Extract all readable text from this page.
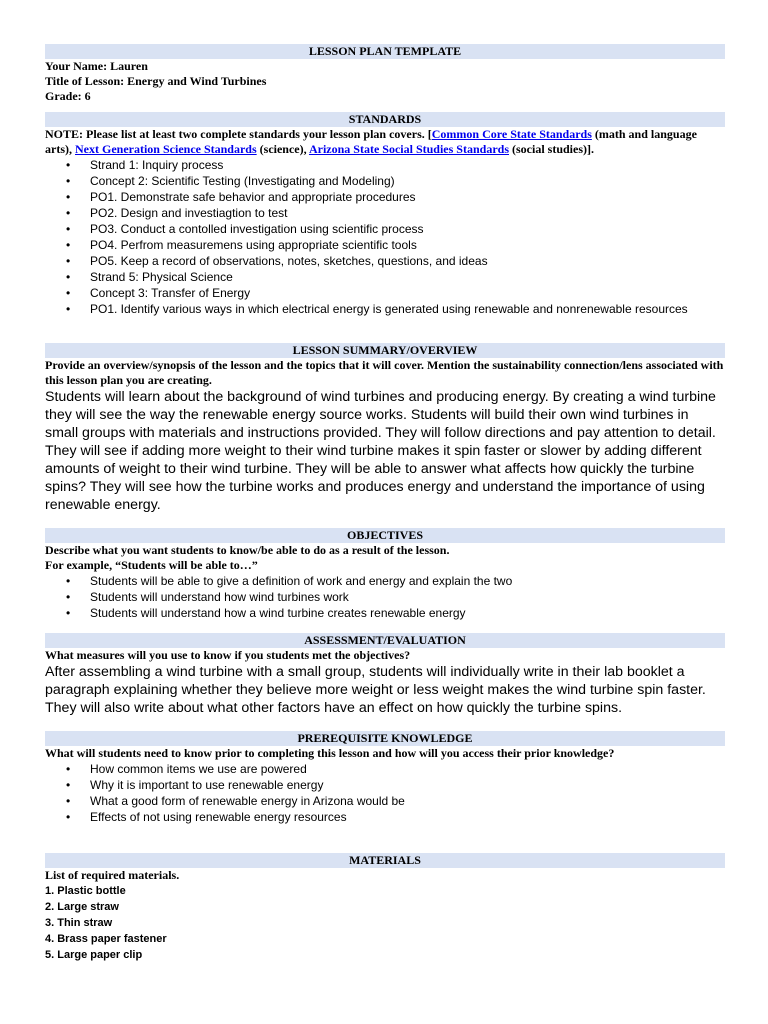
LESSON PLAN TEMPLATE
Your Name: Lauren
Title of Lesson: Energy and Wind Turbines
Grade: 6
STANDARDS
NOTE: Please list at least two complete standards your lesson plan covers. [Common Core State Standards (math and language arts), Next Generation Science Standards (science), Arizona State Social Studies Standards (social studies)].
• Strand 1: Inquiry process
• Concept 2: Scientific Testing (Investigating and Modeling)
• PO1. Demonstrate safe behavior and appropriate procedures
• PO2. Design and investiagtion to test
• PO3. Conduct a contolled investigation using scientific process
• PO4. Perfrom measuremens using appropriate scientific tools
• PO5. Keep a record of observations, notes, sketches, questions, and ideas
• Strand 5: Physical Science
• Concept 3: Transfer of Energy
• PO1. Identify various ways in which electrical energy is generated using renewable and nonrenewable resources
LESSON SUMMARY/OVERVIEW
Provide an overview/synopsis of the lesson and the topics that it will cover. Mention the sustainability connection/lens associated with this lesson plan you are creating.
Students will learn about the background of wind turbines and producing energy. By creating a wind turbine they will see the way the renewable energy source works. Students will build their own wind turbines in small groups with materials and instructions provided. They will follow directions and pay attention to detail. They will see if adding more weight to their wind turbine makes it spin faster or slower by adding different amounts of weight to their wind turbine. They will be able to answer what affects how quickly the turbine spins? They will see how the turbine works and produces energy and understand the importance of using renewable energy.
OBJECTIVES
Describe what you want students to know/be able to do as a result of the lesson.
For example, “Students will be able to…”
• Students will be able to give a definition of work and energy and explain the two
• Students will understand how wind turbines work
• Students will understand how a wind turbine creates renewable energy
ASSESSMENT/EVALUATION
What measures will you use to know if you students met the objectives?
After assembling a wind turbine with a small group, students will individually write in their lab booklet a paragraph explaining whether they believe more weight or less weight makes the wind turbine spin faster. They will also write about what other factors have an effect on how quickly the turbine spins.
PREREQUISITE KNOWLEDGE
What will students need to know prior to completing this lesson and how will you access their prior knowledge?
• How common items we use are powered
• Why it is important to use renewable energy
• What a good form of renewable energy in Arizona would be
• Effects of not using renewable energy resources
MATERIALS
List of required materials.
1. Plastic bottle
2. Large straw
3. Thin straw
4. Brass paper fastener
5. Large paper clip
